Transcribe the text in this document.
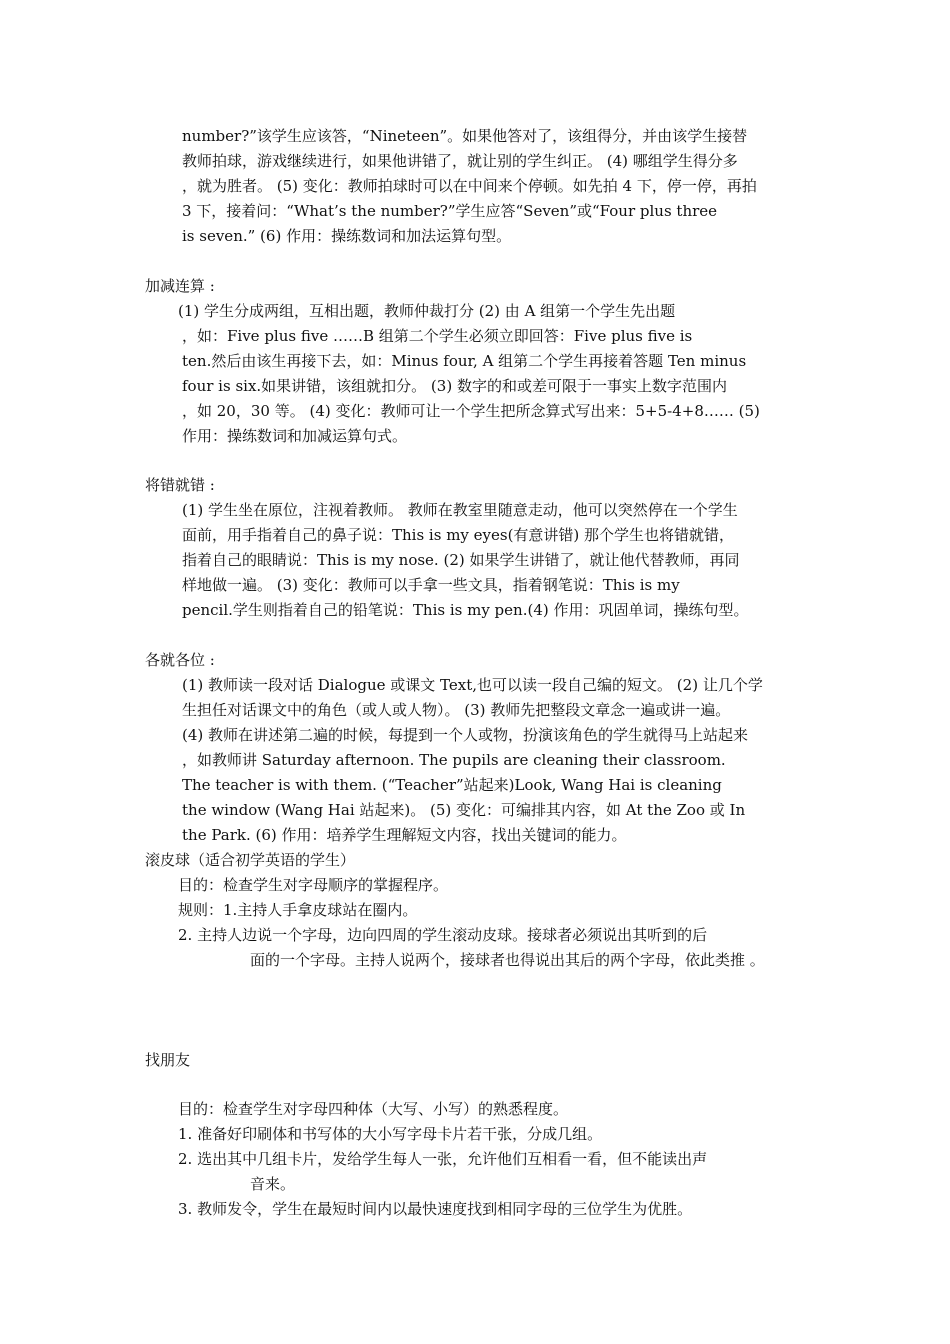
number?”该学生应该答，“Nineteen”。如果他答对了，该组得分，并由该学生接替
教师拍球，游戏继续进行，如果他讲错了，就让别的学生纠正。 (4) 哪组学生得分多
，就为胜者。 (5) 变化：教师拍球时可以在中间来个停顿。如先拍 4 下，停一停，再拍
3 下，接着问：“What’s the number?”学生应答“Seven”或“Four plus three
is seven.” (6) 作用：操练数词和加法运算句型。
加减连算 :
(1) 学生分成两组，互相出题，教师仲裁打分 (2) 由 A 组第一个学生先出题
，如：Five plus five ……B 组第二个学生必须立即回答：Five plus five is
ten.然后由该生再接下去，如：Minus four, A 组第二个学生再接着答题 Ten minus
four is six.如果讲错，该组就扣分。 (3) 数字的和或差可限于一事实上数字范围内
，如 20，30 等。 (4) 变化：教师可让一个学生把所念算式写出来：5+5-4+8…… (5)
作用：操练数词和加减运算句式。
将错就错 :
(1) 学生坐在原位，注视着教师。 教师在教室里随意走动，他可以突然停在一个学生
面前，用手指着自己的鼻子说：This is my eyes(有意讲错) 那个学生也将错就错，
指着自己的眼睛说：This is my nose. (2) 如果学生讲错了，就让他代替教师，再同
样地做一遍。 (3) 变化：教师可以手拿一些文具，指着钢笔说：This is my
pencil.学生则指着自己的铅笔说：This is my pen.(4) 作用：巩固单词，操练句型。
各就各位 :
(1) 教师读一段对话 Dialogue 或课文 Text,也可以读一段自己编的短文。 (2) 让几个学
生担任对话课文中的角色（或人或人物）。 (3) 教师先把整段文章念一遍或讲一遍。
(4) 教师在讲述第二遍的时候，每提到一个人或物，扮演该角色的学生就得马上站起来
，如教师讲 Saturday afternoon. The pupils are cleaning their classroom.
The teacher is with them. (“Teacher”站起来)Look, Wang Hai is cleaning
the window (Wang Hai 站起来)。 (5) 变化：可编排其内容，如 At the Zoo 或 In
the Park. (6) 作用：培养学生理解短文内容，找出关键词的能力。
滚皮球（适合初学英语的学生）
目的：检查学生对字母顺序的掌握程序。
规则：1.主持人手拿皮球站在圈内。
2. 主持人边说一个字母，边向四周的学生滚动皮球。接球者必须说出其听到的后
面的一个字母。主持人说两个，接球者也得说出其后的两个字母，依此类推 。
找朋友
目的：检查学生对字母四种体（大写、小写）的熟悉程度。
1. 准备好印刷体和书写体的大小写字母卡片若干张，分成几组。
2. 选出其中几组卡片，发给学生每人一张，允许他们互相看一看，但不能读出声
音来。
3. 教师发令，学生在最短时间内以最快速度找到相同字母的三位学生为优胜。
